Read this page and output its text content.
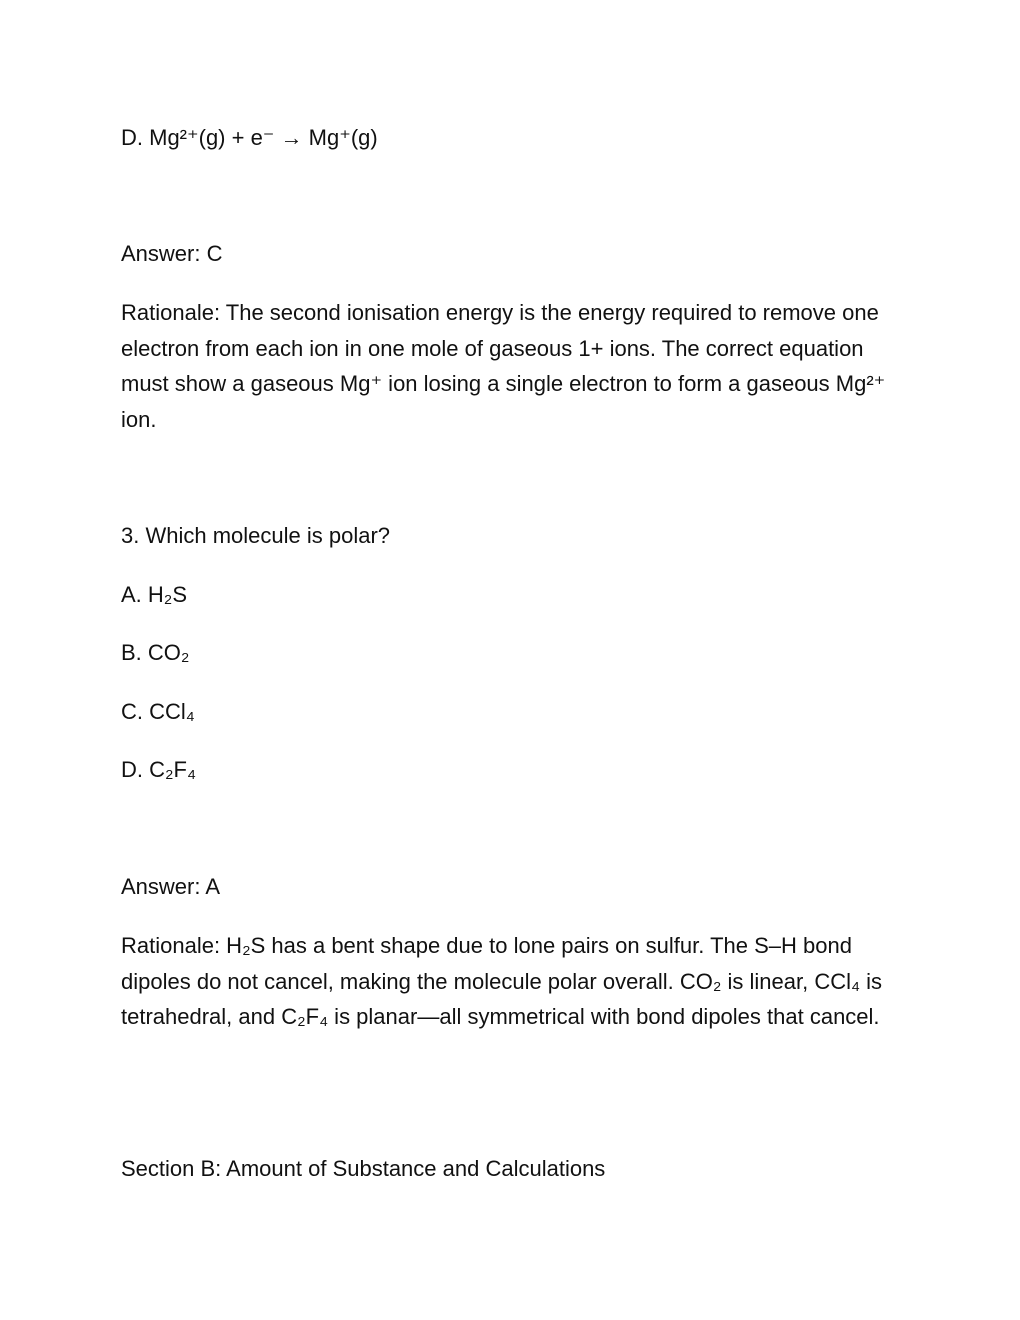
D. Mg²⁺(g) + e⁻ → Mg⁺(g)

Answer: C

Rationale: The second ionisation energy is the energy required to remove one electron from each ion in one mole of gaseous 1+ ions. The correct equation must show a gaseous Mg⁺ ion losing a single electron to form a gaseous Mg²⁺ ion.

3. Which molecule is polar?

A. H₂S

B. CO₂

C. CCl₄

D. C₂F₄

Answer: A

Rationale: H₂S has a bent shape due to lone pairs on sulfur. The S–H bond dipoles do not cancel, making the molecule polar overall. CO₂ is linear, CCl₄ is tetrahedral, and C₂F₄ is planar—all symmetrical with bond dipoles that cancel.

Section B: Amount of Substance and Calculations
